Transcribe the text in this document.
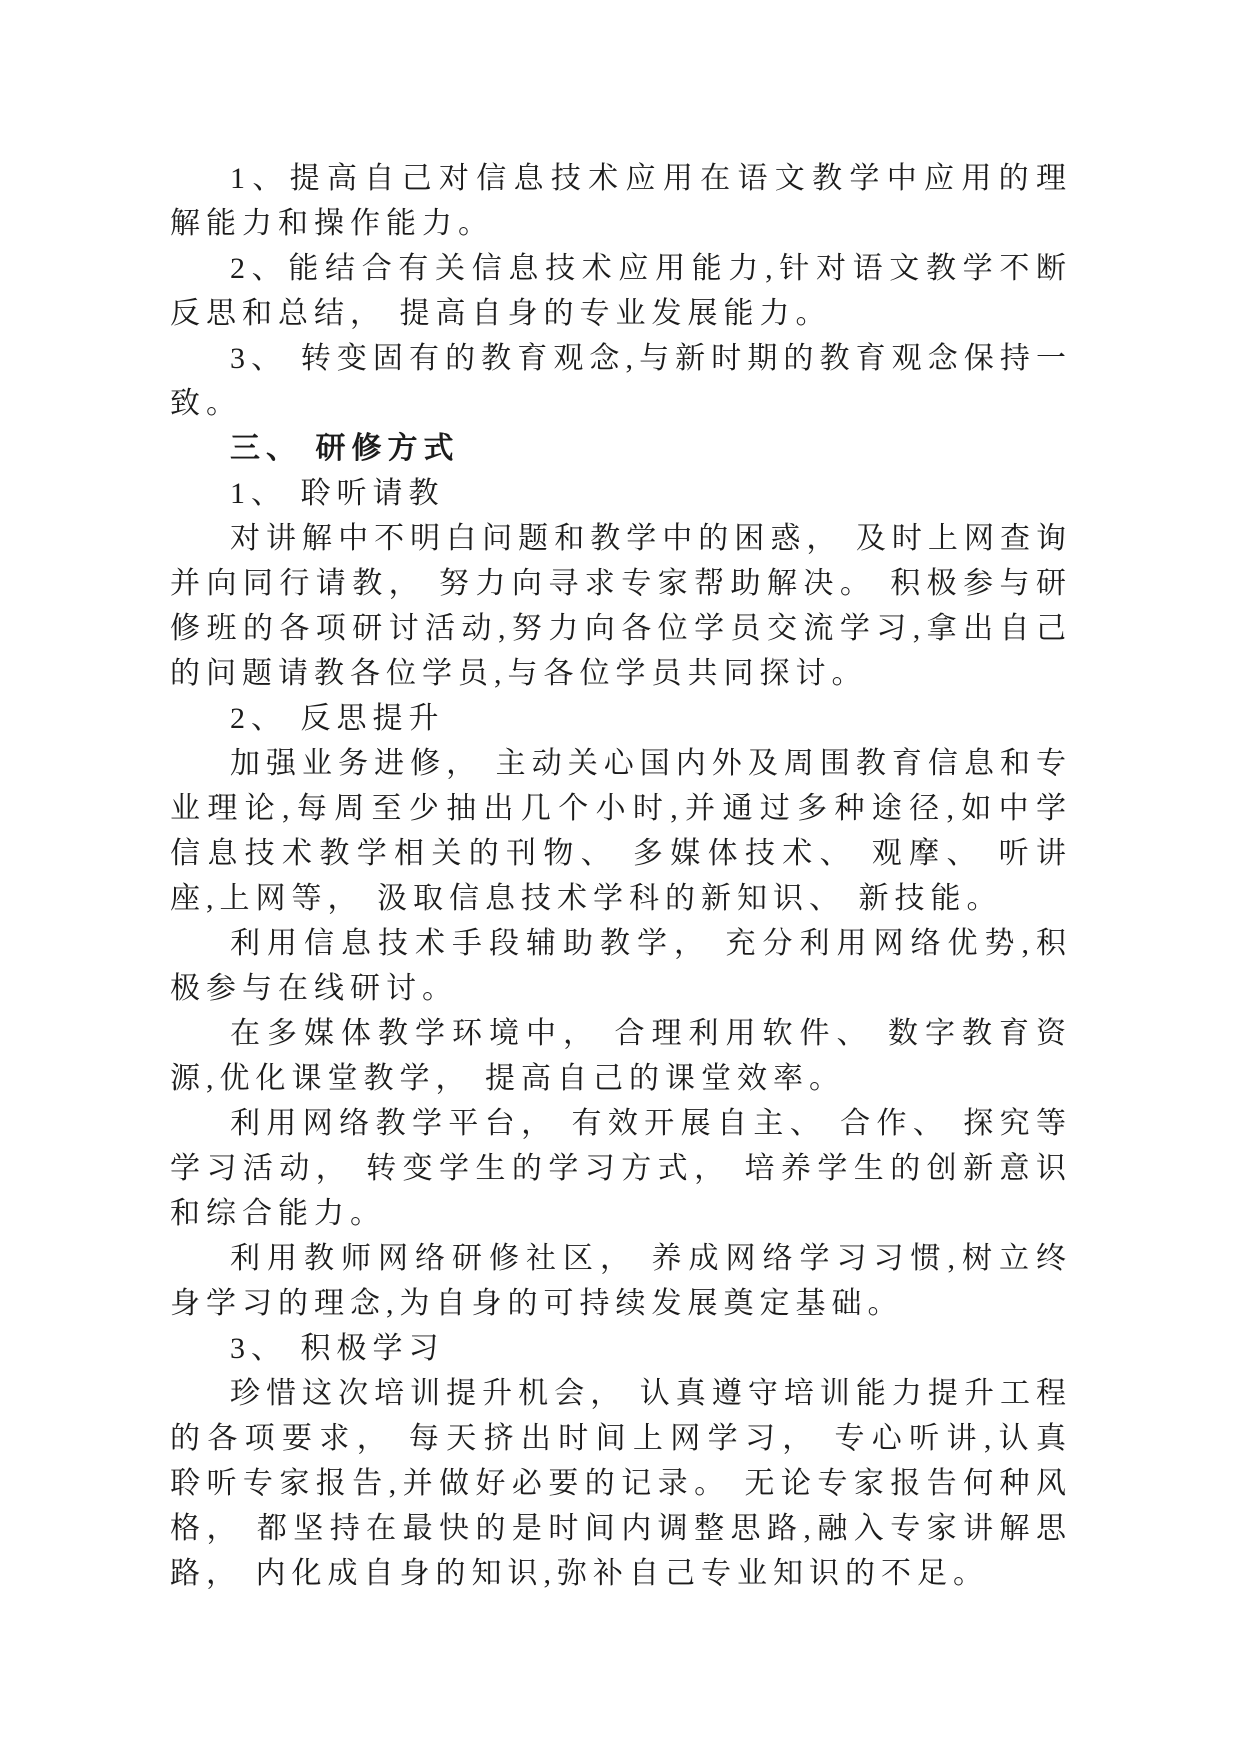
1、提高自己对信息技术应用在语文教学中应用的理解能力和操作能力。

2、能结合有关信息技术应用能力,针对语文教学不断反思和总结， 提高自身的专业发展能力。

3、 转变固有的教育观念,与新时期的教育观念保持一致。

三、 研修方式

1、 聆听请教

对讲解中不明白问题和教学中的困惑， 及时上网查询并向同行请教， 努力向寻求专家帮助解决。 积极参与研修班的各项研讨活动,努力向各位学员交流学习,拿出自己的问题请教各位学员,与各位学员共同探讨。

2、 反思提升

加强业务进修， 主动关心国内外及周围教育信息和专业理论,每周至少抽出几个小时,并通过多种途径,如中学信息技术教学相关的刊物、 多媒体技术、 观摩、 听讲座,上网等， 汲取信息技术学科的新知识、 新技能。

利用信息技术手段辅助教学， 充分利用网络优势,积极参与在线研讨。

在多媒体教学环境中， 合理利用软件、 数字教育资源,优化课堂教学， 提高自己的课堂效率。

利用网络教学平台， 有效开展自主、 合作、 探究等学习活动， 转变学生的学习方式， 培养学生的创新意识和综合能力。

利用教师网络研修社区， 养成网络学习习惯,树立终身学习的理念,为自身的可持续发展奠定基础。

3、 积极学习

珍惜这次培训提升机会， 认真遵守培训能力提升工程的各项要求， 每天挤出时间上网学习， 专心听讲,认真聆听专家报告,并做好必要的记录。 无论专家报告何种风格， 都坚持在最快的是时间内调整思路,融入专家讲解思路， 内化成自身的知识,弥补自己专业知识的不足。
